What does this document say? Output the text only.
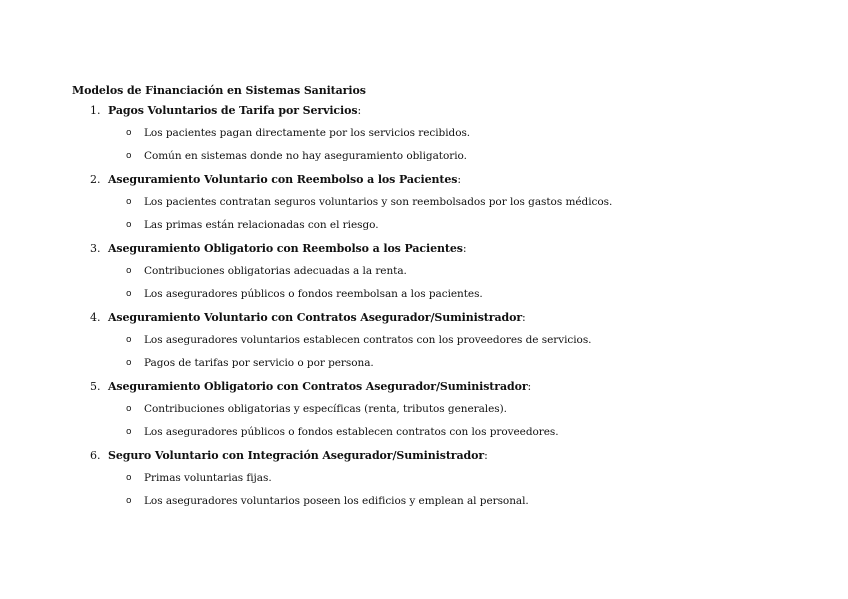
Modelos de Financiación en Sistemas Sanitarios

1. Pagos Voluntarios de Tarifa por Servicios:
o Los pacientes pagan directamente por los servicios recibidos.
o Común en sistemas donde no hay aseguramiento obligatorio.
2. Aseguramiento Voluntario con Reembolso a los Pacientes:
o Los pacientes contratan seguros voluntarios y son reembolsados por los gastos médicos.
o Las primas están relacionadas con el riesgo.
3. Aseguramiento Obligatorio con Reembolso a los Pacientes:
o Contribuciones obligatorias adecuadas a la renta.
o Los aseguradores públicos o fondos reembolsan a los pacientes.
4. Aseguramiento Voluntario con Contratos Asegurador/Suministrador:
o Los aseguradores voluntarios establecen contratos con los proveedores de servicios.
o Pagos de tarifas por servicio o por persona.
5. Aseguramiento Obligatorio con Contratos Asegurador/Suministrador:
o Contribuciones obligatorias y específicas (renta, tributos generales).
o Los aseguradores públicos o fondos establecen contratos con los proveedores.
6. Seguro Voluntario con Integración Asegurador/Suministrador:
o Primas voluntarias fijas.
o Los aseguradores voluntarios poseen los edificios y emplean al personal.
